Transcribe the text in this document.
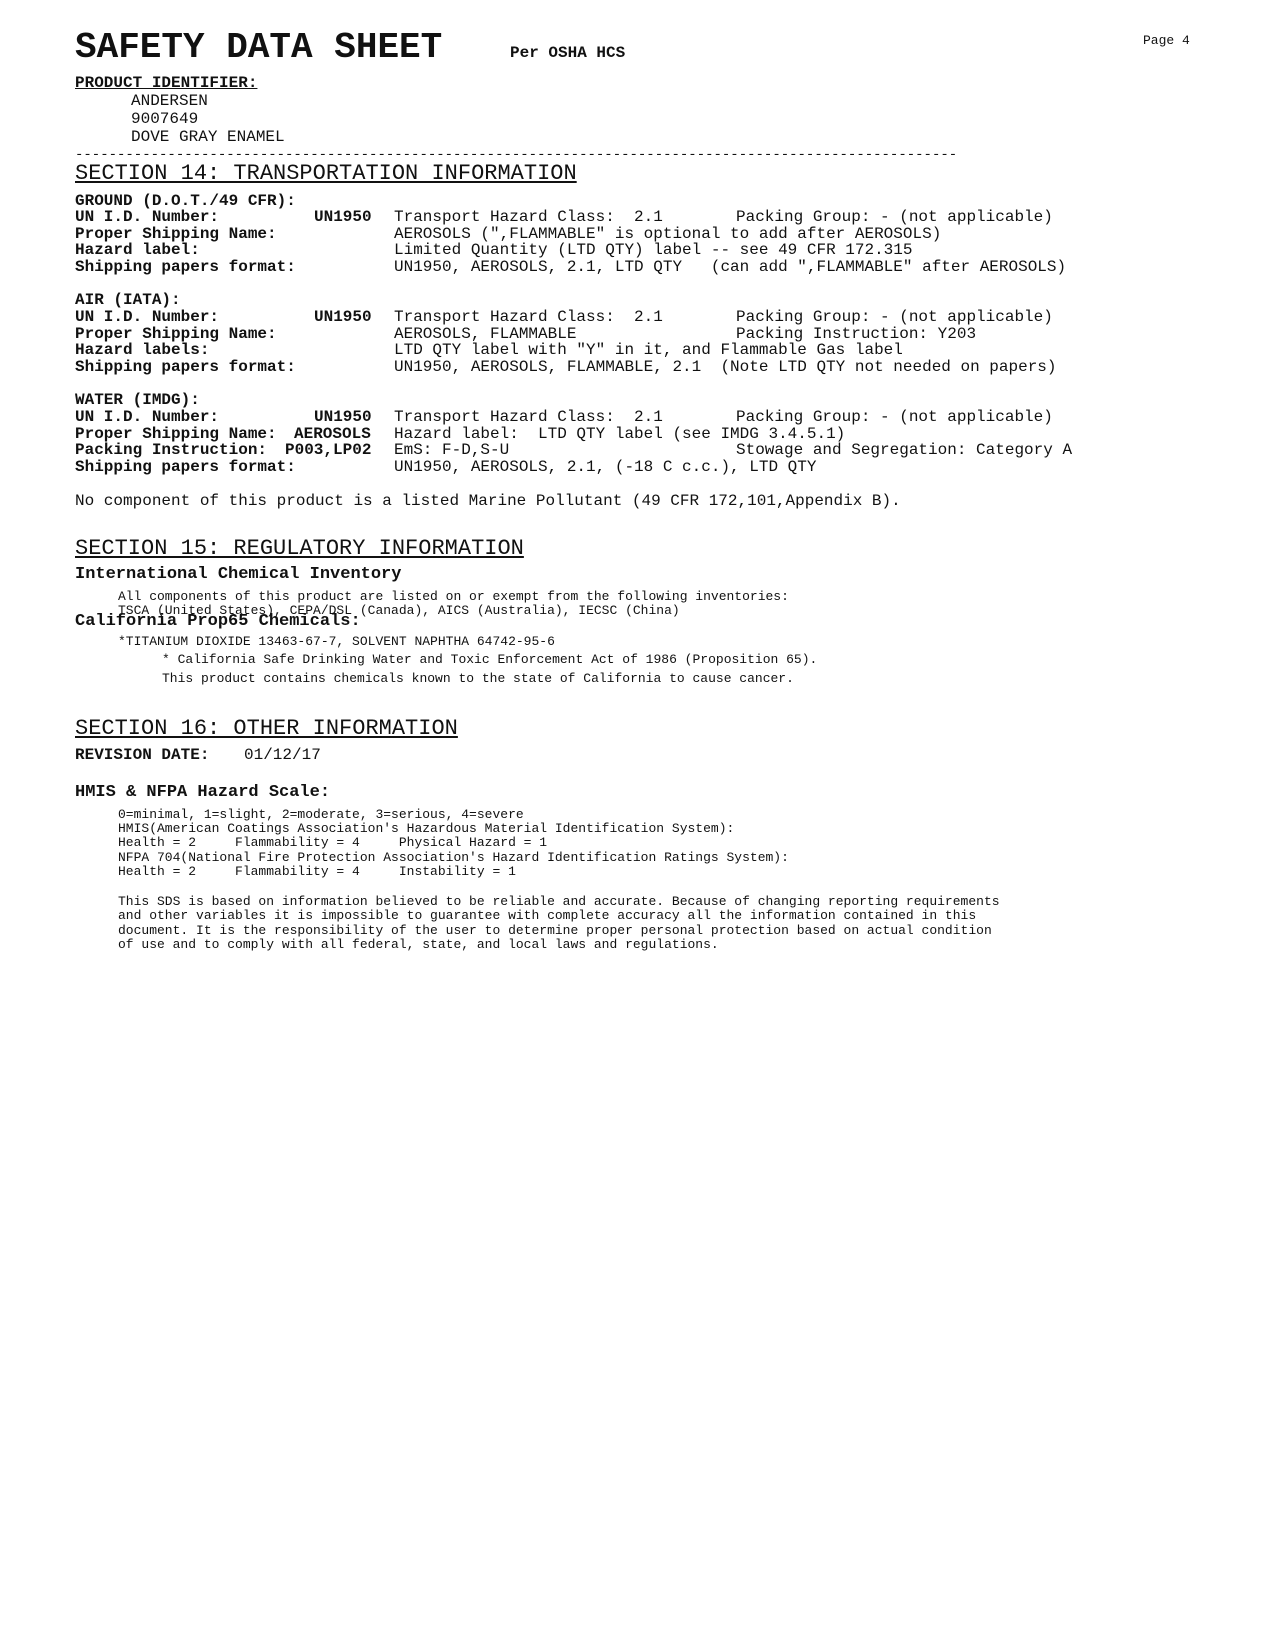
SAFETY DATA SHEET	Per OSHA HCS
Page 4
PRODUCT IDENTIFIER:
ANDERSEN
9007649
DOVE GRAY ENAMEL
---------------------------------------------------------------------------------------------------------
SECTION 14: TRANSPORTATION INFORMATION
GROUND (D.O.T./49 CFR):
UN I.D. Number:	UN1950 Transport Hazard Class:  2.1	Packing Group: - (not applicable)
Proper Shipping Name:	AEROSOLS (",FLAMMABLE" is optional to add after AEROSOLS)
Hazard label:	Limited Quantity (LTD QTY) label -- see 49 CFR 172.315
Shipping papers format:	UN1950, AEROSOLS, 2.1, LTD QTY   (can add ",FLAMMABLE" after AEROSOLS)
AIR (IATA):
UN I.D. Number:	UN1950 Transport Hazard Class:  2.1	Packing Group: - (not applicable)
Proper Shipping Name:	AEROSOLS, FLAMMABLE	Packing Instruction: Y203
Hazard labels:	LTD QTY label with "Y" in it, and Flammable Gas label
Shipping papers format:	UN1950, AEROSOLS, FLAMMABLE, 2.1  (Note LTD QTY not needed on papers)
WATER (IMDG):
UN I.D. Number:	UN1950 Transport Hazard Class:  2.1	Packing Group: - (not applicable)
Proper Shipping Name: AEROSOLS Hazard label:  LTD QTY label (see IMDG 3.4.5.1)
Packing Instruction: P003,LP02 EmS: F-D,S-U	Stowage and Segregation: Category A
Shipping papers format:	UN1950, AEROSOLS, 2.1, (-18 C c.c.), LTD QTY
No component of this product is a listed Marine Pollutant (49 CFR 172,101,Appendix B).
SECTION 15: REGULATORY INFORMATION
International Chemical Inventory
All components of this product are listed on or exempt from the following inventories:
TSCA (United States), CEPA/DSL (Canada), AICS (Australia), IECSC (China)
California Prop65 Chemicals:
*TITANIUM DIOXIDE 13463-67-7, SOLVENT NAPHTHA 64742-95-6
* California Safe Drinking Water and Toxic Enforcement Act of 1986 (Proposition 65).
This product contains chemicals known to the state of California to cause cancer.
SECTION 16: OTHER INFORMATION
REVISION DATE: 01/12/17
HMIS & NFPA Hazard Scale:
0=minimal, 1=slight, 2=moderate, 3=serious, 4=severe
HMIS(American Coatings Association's Hazardous Material Identification System):
Health = 2     Flammability = 4     Physical Hazard = 1
NFPA 704(National Fire Protection Association's Hazard Identification Ratings System):
Health = 2     Flammability = 4     Instability = 1
This SDS is based on information believed to be reliable and accurate. Because of changing reporting requirements
and other variables it is impossible to guarantee with complete accuracy all the information contained in this
document. It is the responsibility of the user to determine proper personal protection based on actual condition
of use and to comply with all federal, state, and local laws and regulations.
